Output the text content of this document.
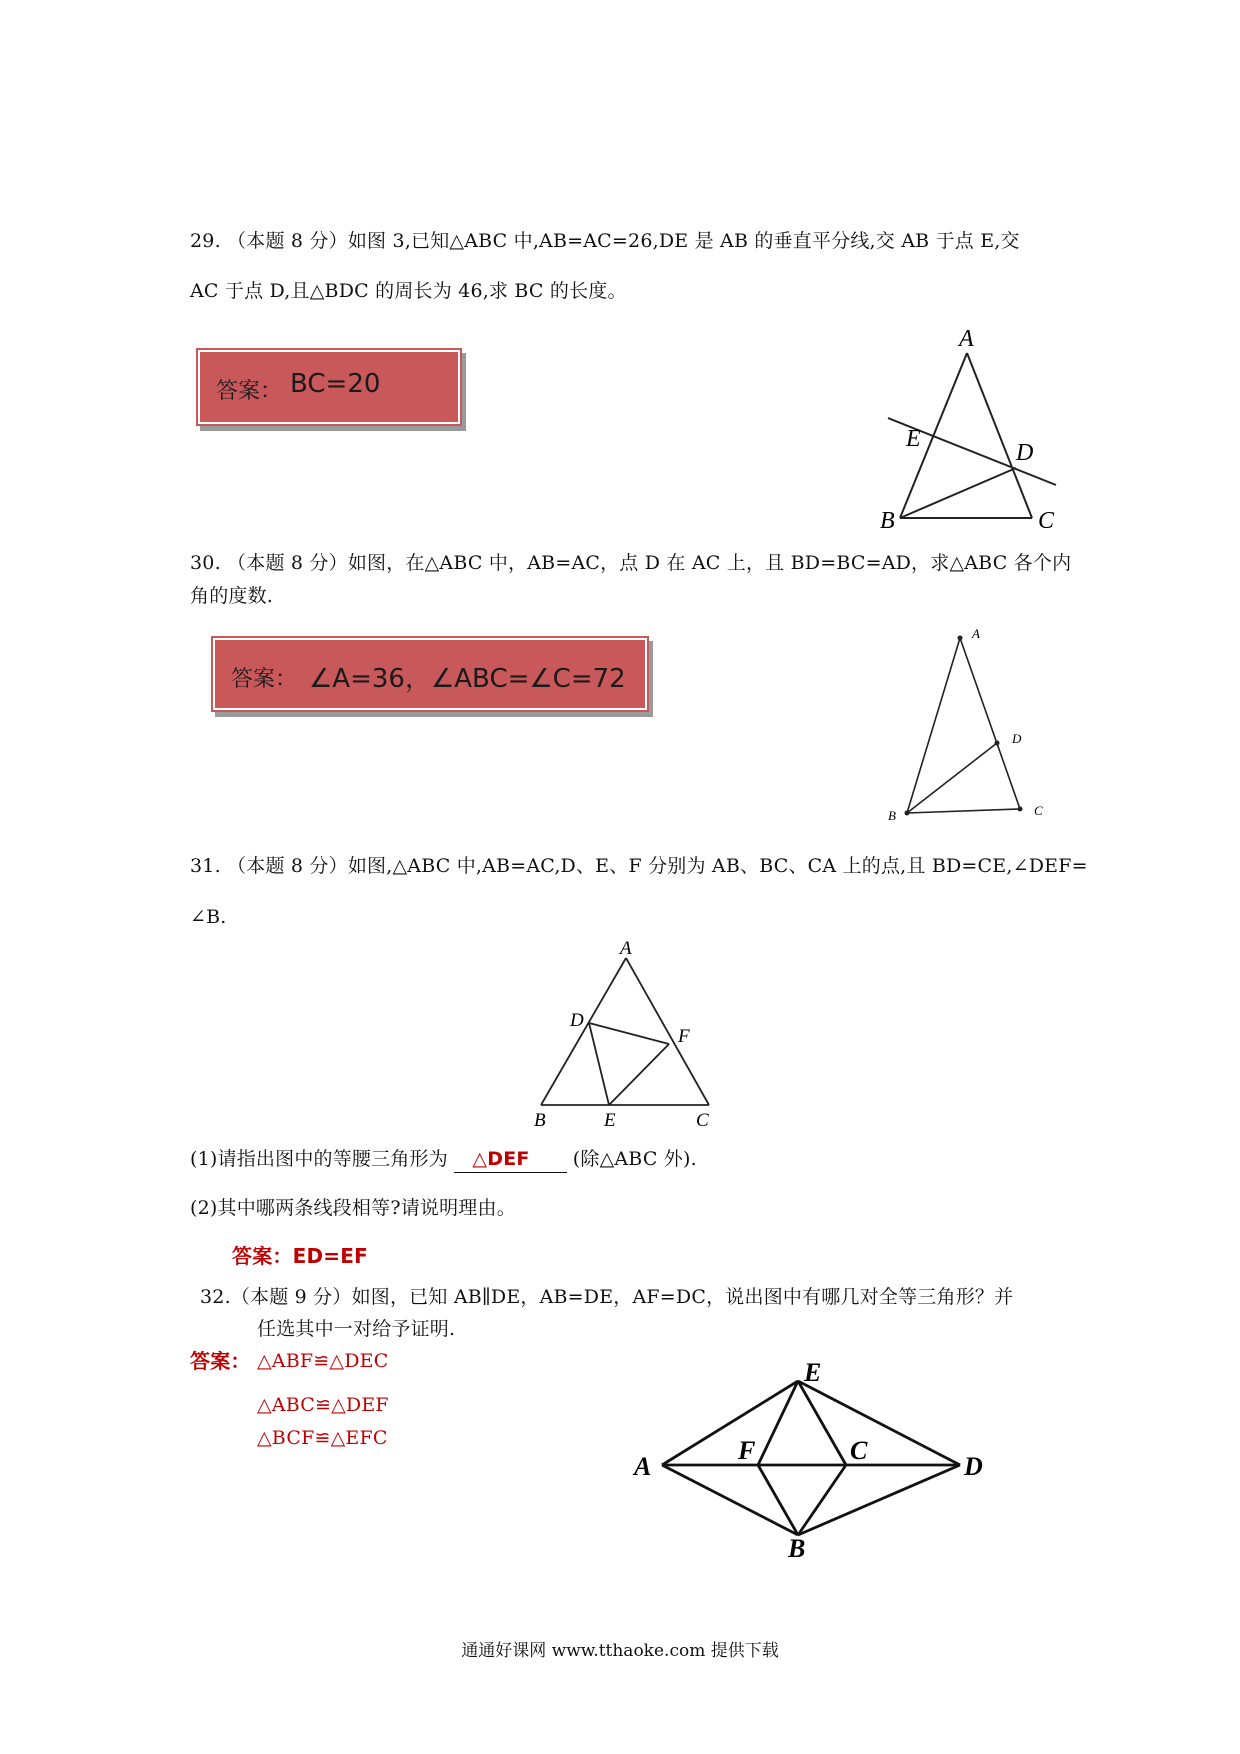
29. （本题 8 分）如图 3,已知△ABC 中,AB=AC=26,DE 是 AB 的垂直平分线,交 AB 于点 E,交
AC 于点 D,且△BDC 的周长为 46,求 BC 的长度。
答案： BC=20
A
E
D
B	C
30. （本题 8 分）如图，在△ABC 中，AB=AC，点 D 在 AC 上，且 BD=BC=AD，求△ABC 各个内
角的度数.
答案： ∠A=36，∠ABC=∠C=72
A
D
B	C
31. （本题 8 分）如图,△ABC 中,AB=AC,D、E、F 分别为 AB、BC、CA 上的点,且 BD=CE,∠DEF=
∠B.
A
D
F
B	E	C
(1)请指出图中的等腰三角形为 △DEF (除△ABC 外).
(2)其中哪两条线段相等?请说明理由。
答案：ED=EF
32.（本题 9 分）如图，已知 AB∥DE，AB=DE，AF=DC，说出图中有哪几对全等三角形？并
任选其中一对给予证明.
答案： △ABF≌△DEC
△ABC≌△DEF
△BCF≌△EFC
E
A
F	C
D
B
通通好课网 www.tthaoke.com 提供下载
